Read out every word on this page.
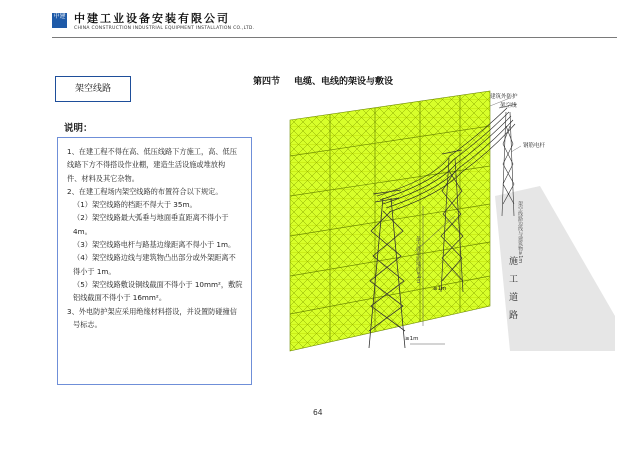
中建 中建工业设备安装有限公司
CHINA CONSTRUCTION INDUSTRIAL EQUIPMENT INSTALLATION CO.,LTD.
架空线路
第四节 电缆、电线的架设与敷设
说明：

1、在建工程不得在高、低压线路下方施工，高、低压

线路下方不得搭设作业棚，建造生活设施或堆放构

件、材料及其它杂物。

2、在建工程场内架空线路的布置符合以下规定。

（1）架空线路的档距不得大于 35m。

（2）架空线路最大弧垂与地面垂直距离不得小于

4m。

（3）架空线路电杆与路基边缘距离不得小于 1m。

（4）架空线路边线与建筑物凸出部分或外架距离不

得小于 1m。

（5）架空线路敷设铜线截面不得小于 10mm²，敷院

铝线截面不得小于 16mm²。

3、外电防护架应采用绝缘材料搭设，并设置防碰撞信

号标志。

建筑外防护
架空线
钢筋电杆
≥1m
≥1m
最大弧垂距地面≥4m	架空线路边线与建筑物≥1m
施
工
道
路
64
